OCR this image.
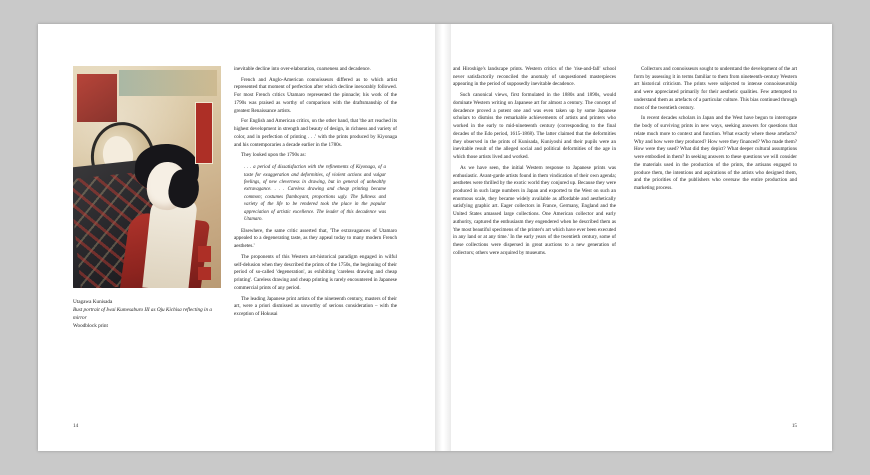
Utagawa Kunisada
Bust portrait of Iwai Kumesaburo III as Oju Kichisa reflecting in a mirror
Woodblock print

inevitable decline into over-elaboration, coarseness and decadence.

French and Anglo-American connoisseurs differed as to which artist represented that moment of perfection after which decline inexorably followed. For most French critics Utamaro represented the pinnacle; his work of the 1790s was praised as worthy of comparison with the draftsmanship of the greatest Renaissance artists.

For English and American critics, on the other hand, that 'the art reached its highest development in strength and beauty of design, in richness and variety of color, and in perfection of printing . . .' with the prints produced by Kiyonaga and his contemporaries a decade earlier in the 1780s.

They looked upon the 1790s as:

. . . a period of dissatisfaction with the refinements of Kiyonaga, of a taste for exaggeration and deformities, of violent actions and vulgar feelings, of new cleverness in drawing, but in general of unhealthy extravagance. . . . Careless drawing and cheap printing became common; costumes flamboyant, proportions ugly. The fullness and variety of the life to be rendered took the place in the popular appreciation of artistic excellence. The leader of this decadence was Utamaro.

Elsewhere, the same critic asserted that, 'The extravagances of Utamaro appealed to a degenerating taste, as they appeal today to many modern French aesthetes.'

The proponents of this Western art-historical paradigm engaged in wilful self-delusion when they described the prints of the 1750s, the beginning of their period of so-called 'degeneration', as exhibiting 'careless drawing and cheap printing'. Careless drawing and cheap printing is rarely encountered in Japanese commercial prints of any period.

The leading Japanese print artists of the nineteenth century, masters of their art, were a priori dismissed as unworthy of serious consideration – with the exception of Hokusai

14

and Hiroshige's landscape prints. Western critics of the 'rise-and-fall' school never satisfactorily reconciled the anomaly of unquestioned masterpieces appearing in the period of supposedly inevitable decadence.

Such canonical views, first formulated in the 1880s and 1890s, would dominate Western writing on Japanese art for almost a century. The concept of decadence proved a potent one and was even taken up by some Japanese scholars to dismiss the remarkable achievements of artists and printers who worked in the early to mid-nineteenth century (corresponding to the final decades of the Edo period, 1615-1868). The latter claimed that the deformities they observed in the prints of Kunisada, Kuniyoshi and their pupils were an inevitable result of the alleged social and political deformities of the age in which those artists lived and worked.

As we have seen, the initial Western response to Japanese prints was enthusiastic. Avant-garde artists found in them vindication of their own agenda; aesthetes were thrilled by the exotic world they conjured up. Because they were produced in such large numbers in Japan and exported to the West on such an enormous scale, they became widely available as affordable and aesthetically satisfying graphic art. Eager collectors in France, Germany, England and the United States amassed large collections. One American collector and early authority, captured the enthusiasm they engendered when he described them as 'the most beautiful specimens of the printer's art which have ever been executed in any land or at any time.' In the early years of the twentieth century, some of these collections were dispersed in great auctions to a new generation of collectors; others were acquired by museums.

Collectors and connoisseurs sought to understand the development of the art form by assessing it in terms familiar to them from nineteenth-century Western art historical criticism. The prints were subjected to intense connoisseurship and were appreciated primarily for their aesthetic qualities. Few attempted to understand them as artefacts of a particular culture. This bias continued through most of the twentieth century.

In recent decades scholars in Japan and the West have begun to interrogate the body of surviving prints in new ways, seeking answers for questions that relate much more to context and function. What exactly where these artefacts? Why and how were they produced? How were they financed? Who made them? How were they used? What did they depict? What deeper cultural assumptions were embodied in them? In seeking answers to these questions we will consider the materials used in the production of the prints, the artisans engaged to produce them, the intentions and aspirations of the artists who designed them, and the priorities of the publishers who oversaw the entire production and marketing process.

15
